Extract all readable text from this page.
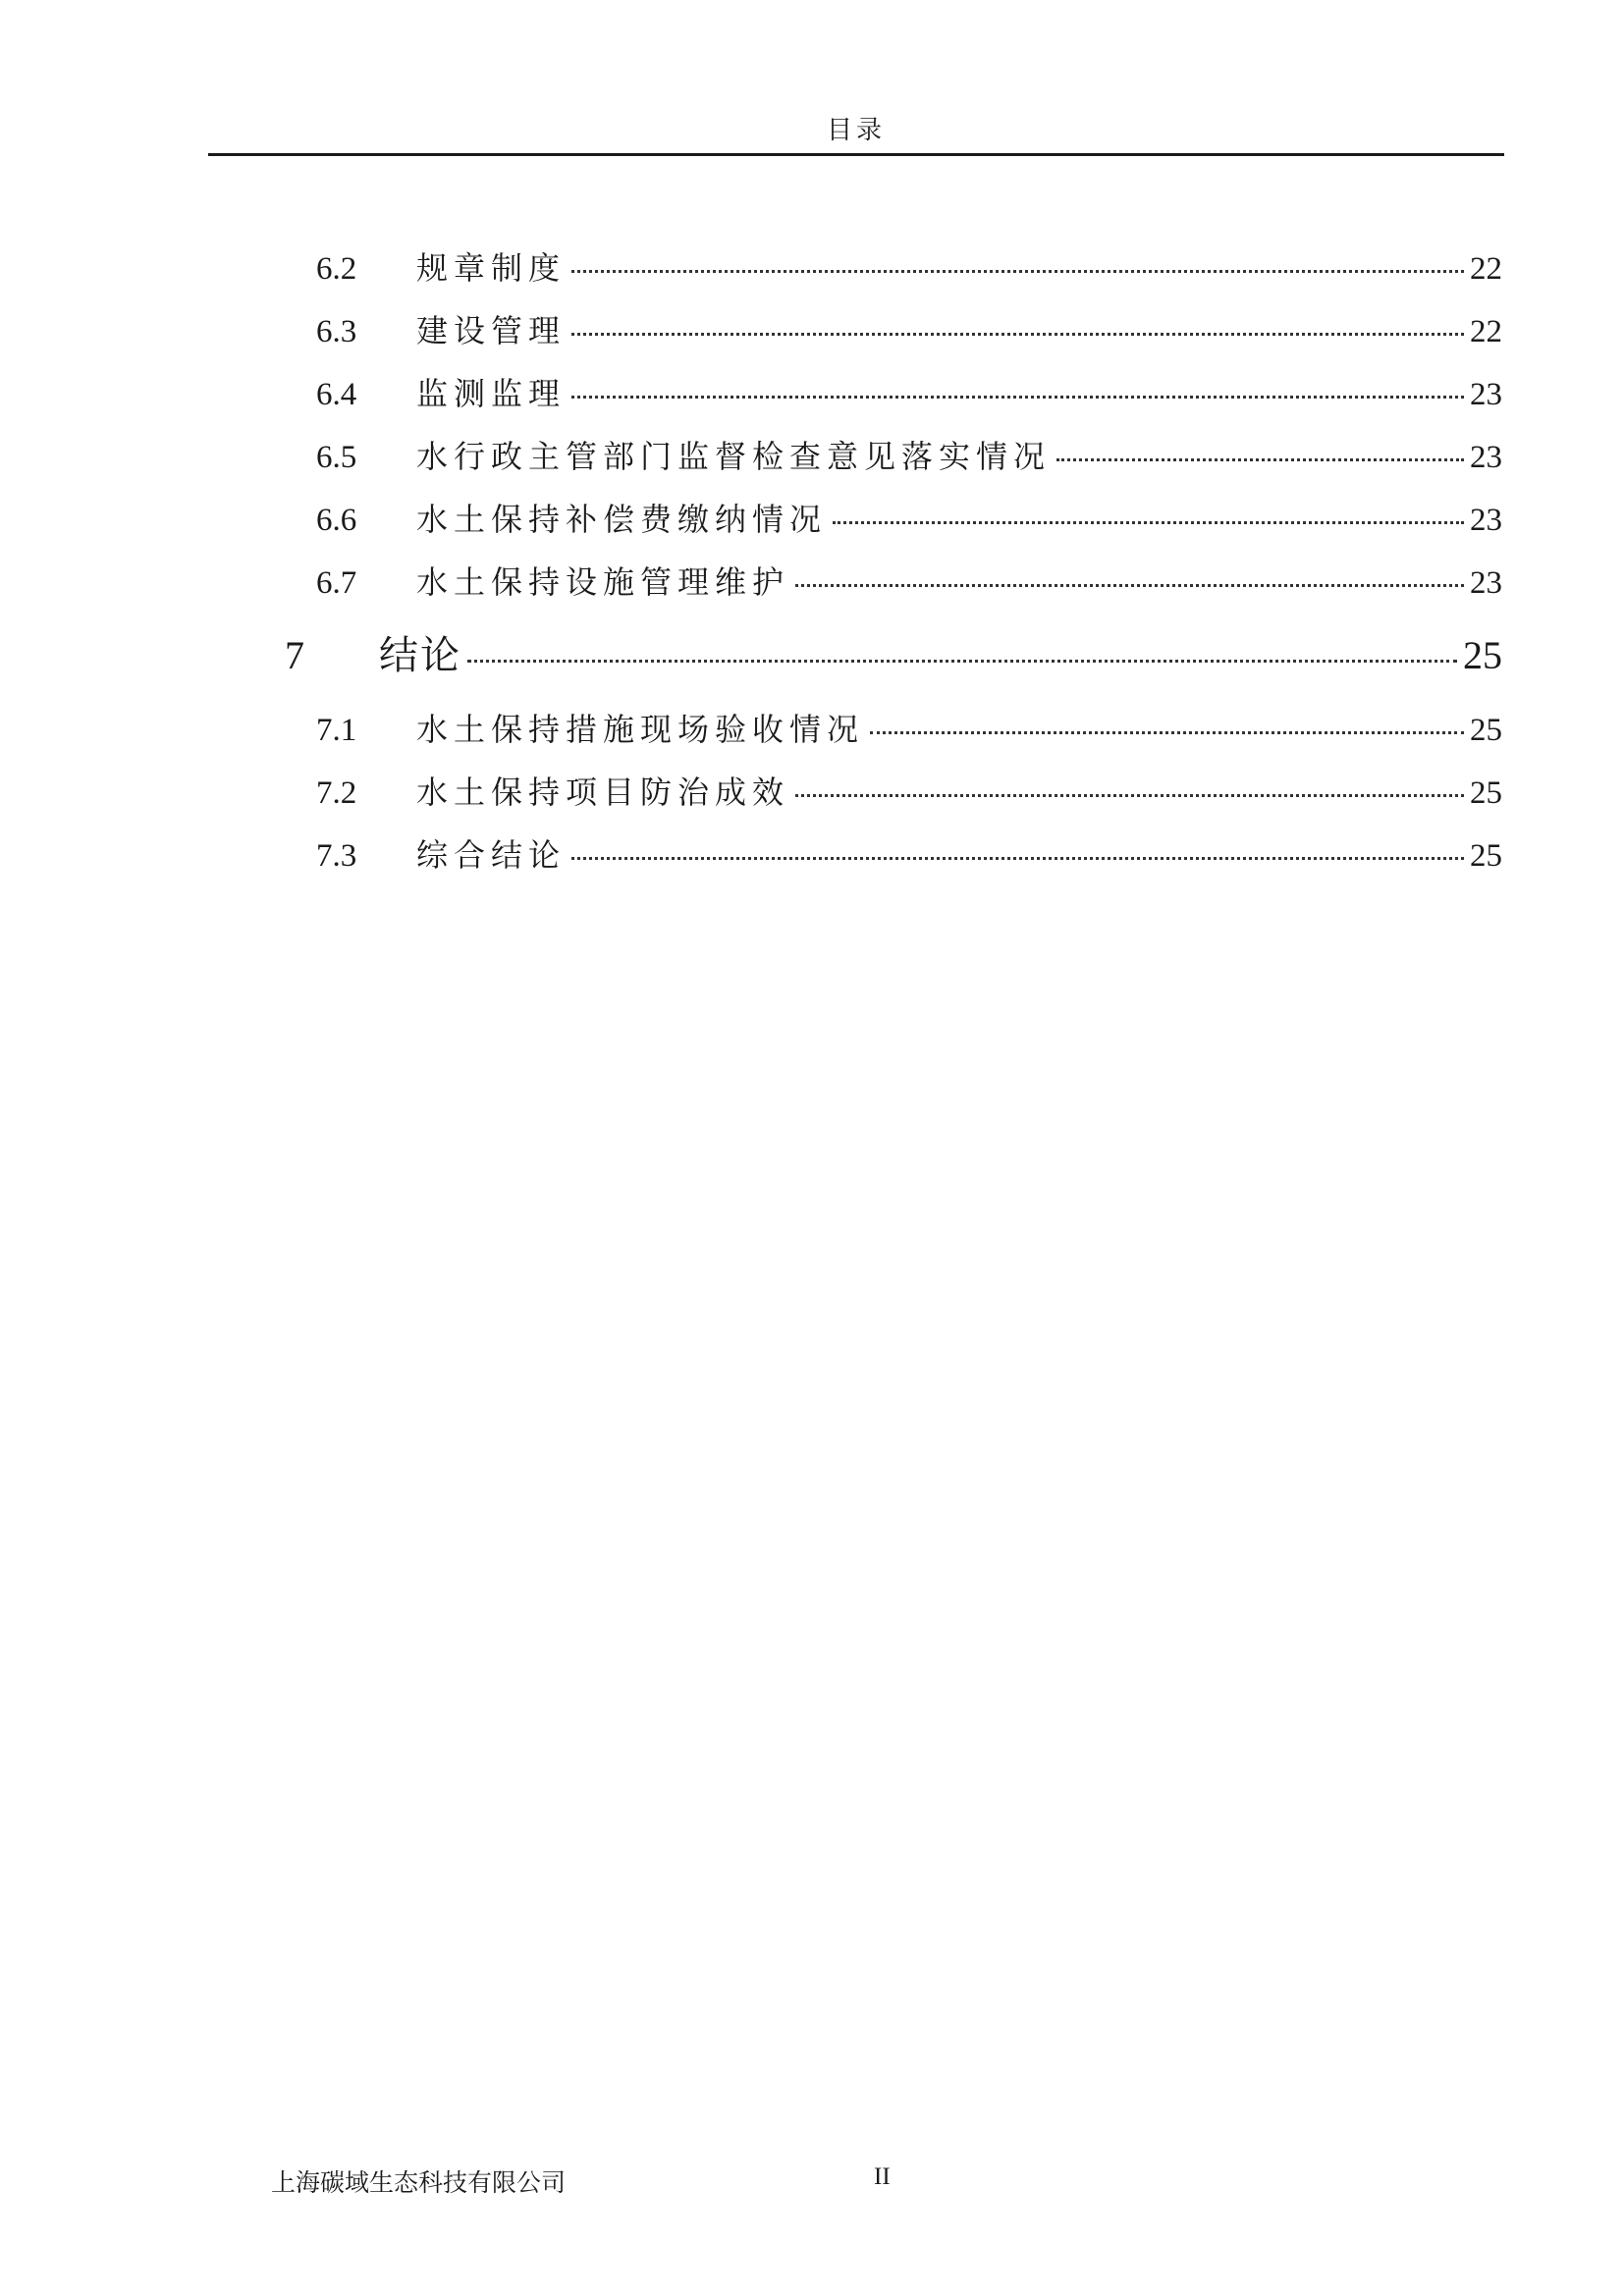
目录
6.2	规章制度	22
6.3	建设管理	22
6.4	监测监理	23
6.5	水行政主管部门监督检查意见落实情况	23
6.6	水土保持补偿费缴纳情况	23
6.7	水土保持设施管理维护	23
7	结论	25
7.1	水土保持措施现场验收情况	25
7.2	水土保持项目防治成效	25
7.3	综合结论	25
上海碳域生态科技有限公司	II
